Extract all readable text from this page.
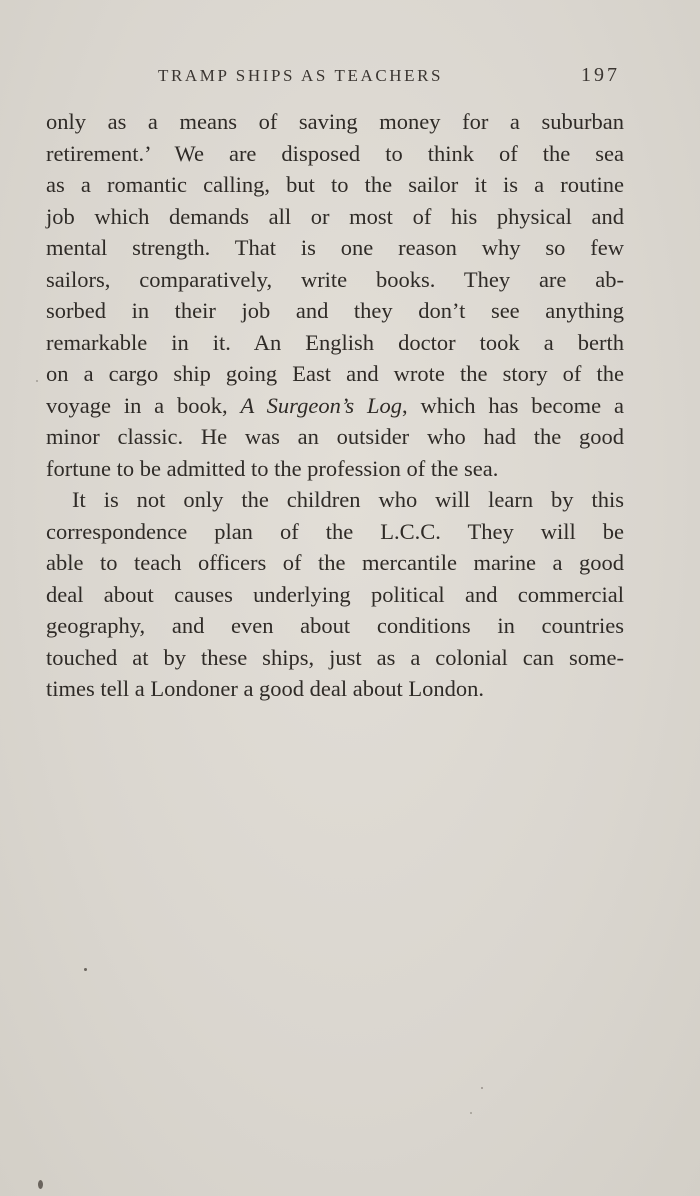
TRAMP SHIPS AS TEACHERS	197
only as a means of saving money for a suburban
retirement.’ We are disposed to think of the sea
as a romantic calling, but to the sailor it is a routine
job which demands all or most of his physical and
mental strength. That is one reason why so few
sailors, comparatively, write books. They are ab-
sorbed in their job and they don’t see anything
remarkable in it. An English doctor took a berth
on a cargo ship going East and wrote the story of the
voyage in a book, A Surgeon’s Log, which has become a
minor classic. He was an outsider who had the good
fortune to be admitted to the profession of the sea.
It is not only the children who will learn by this
correspondence plan of the L.C.C. They will be
able to teach officers of the mercantile marine a good
deal about causes underlying political and commercial
geography, and even about conditions in countries
touched at by these ships, just as a colonial can some-
times tell a Londoner a good deal about London.
